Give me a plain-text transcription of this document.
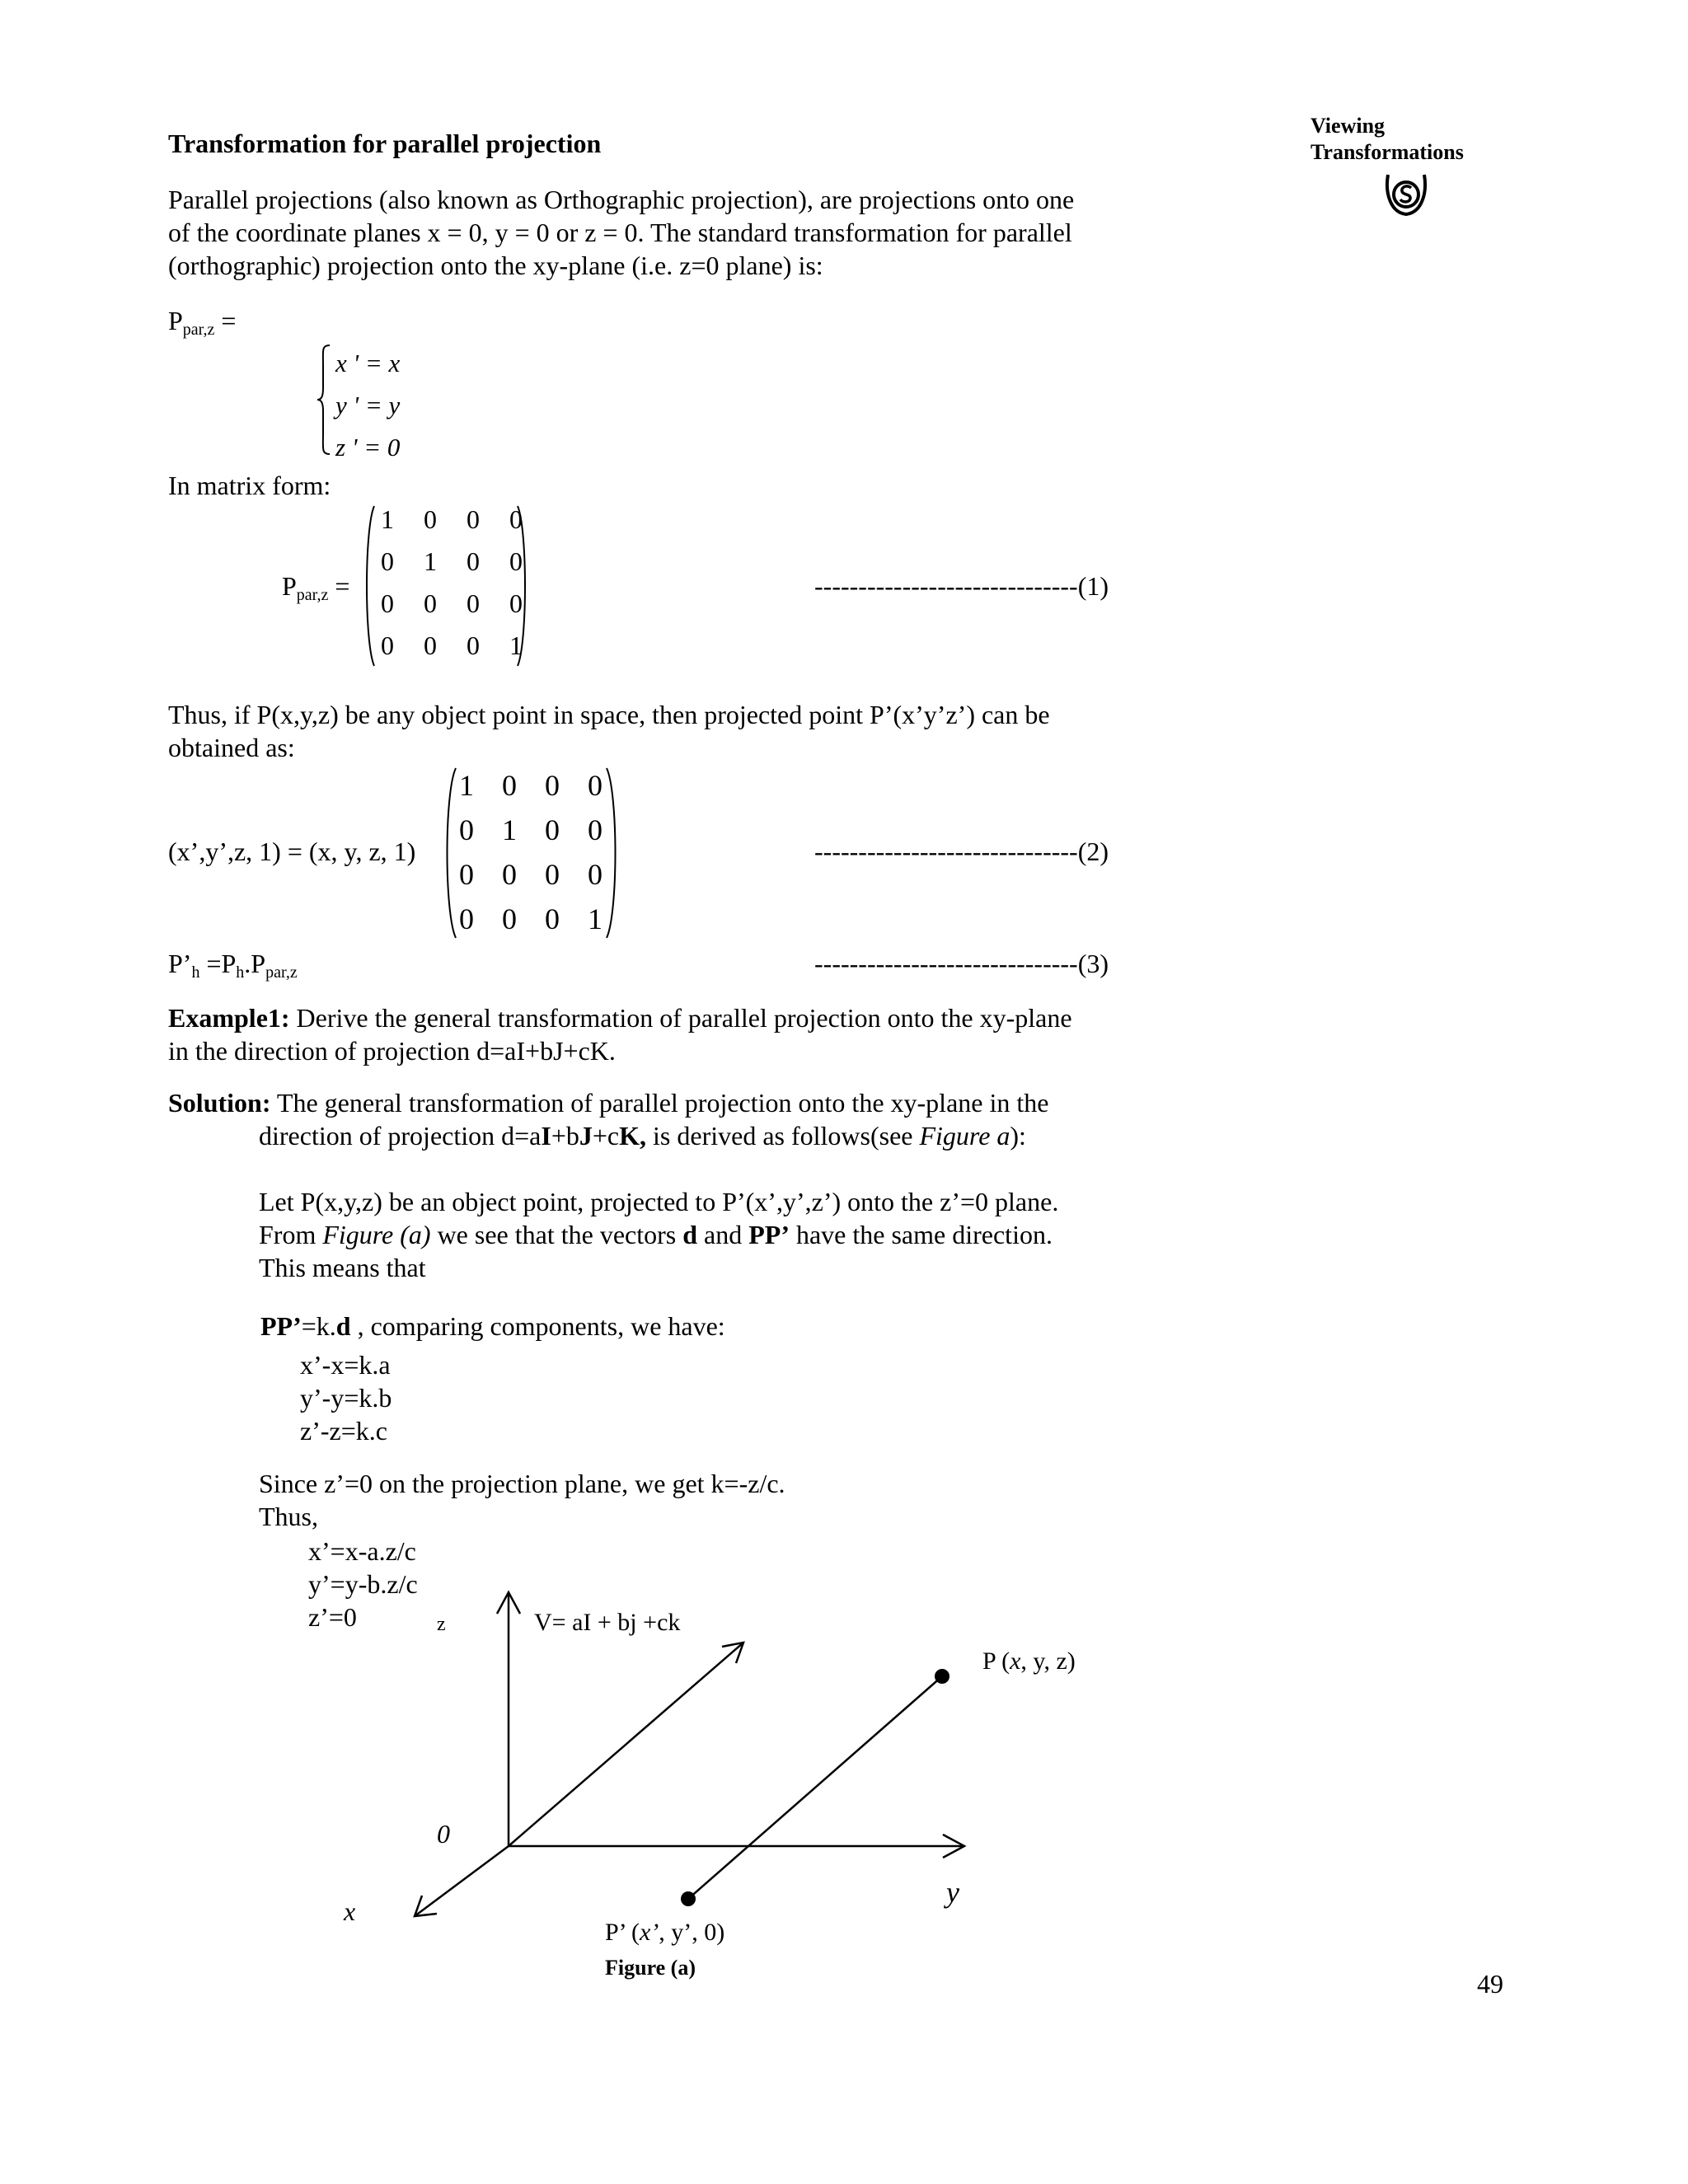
Viewing
Transformations
Transformation for parallel projection
Parallel projections (also known as Orthographic projection), are projections onto one
of the coordinate planes x = 0, y = 0 or z = 0. The standard transformation for parallel
(orthographic) projection onto the xy-plane (i.e. z=0 plane) is:
$P_{par,z}$ =
x ' = x
y ' = y
z ' = 0
In matrix form:
$P_{par,z}$ =
1	0	0	0
0	1	0	0
0	0	0	0
0	0	0	1
------------------------------(1)
Thus, if P(x,y,z) be any object point in space, then projected point P’(x’y’z’) can be
obtained as:
(x’,y’,z, 1) = (x, y, z, 1)
1 0 0 0
0 1 0 0
0 0 0 0
0 0 0 1
------------------------------(2)
$P’_h =P_h.P_{par,z}$	------------------------------(3)
Example1: Derive the general transformation of parallel projection onto the xy-plane
in the direction of projection d=aI+bJ+cK.
Solution: The general transformation of parallel projection onto the xy-plane in the
direction of projection d=aI+bJ+cK, is derived as follows(see Figure a):
Let P(x,y,z) be an object point, projected to P’(x’,y’,z’) onto the z’=0 plane.
From Figure (a) we see that the vectors d and PP’ have the same direction.
This means that
PP’=k.d , comparing components, we have:
x’-x=k.a
y’-y=k.b
z’-z=k.c
Since z’=0 on the projection plane, we get k=-z/c.
Thus,
x’=x-a.z/c
y’=y-b.z/c
z’=0	z	V= aI + bj +ck
P (x, y, z)
0
x
y
P’ (x’, y’, 0)
Figure (a)
49
